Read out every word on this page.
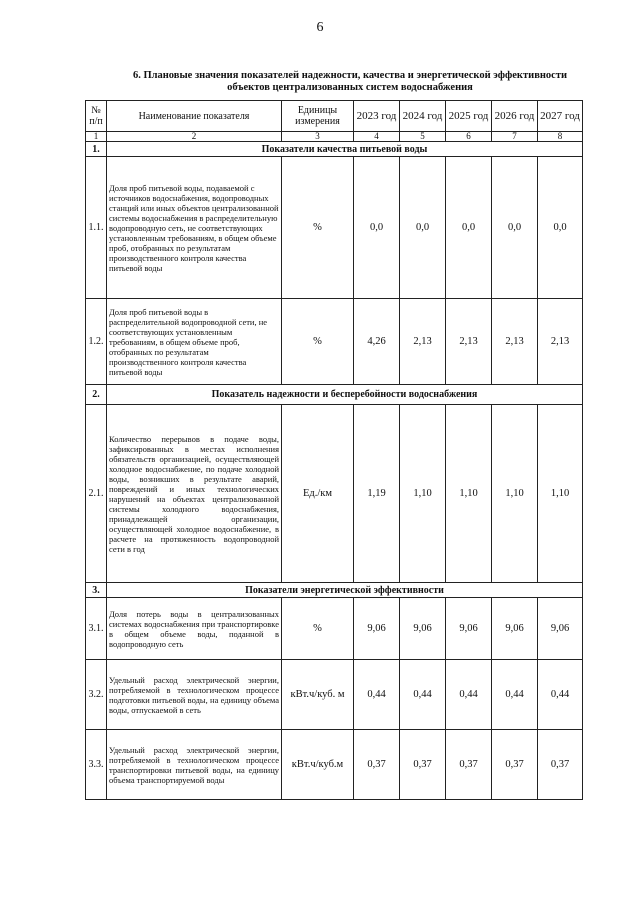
6
6. Плановые значения показателей надежности, качества и энергетической эффективности
объектов централизованных систем водоснабжения
№ п/п	Наименование показателя	Единицы измерения	2023 год	2024 год	2025 год	2026 год	2027 год
1	2	3	4	5	6	7	8
1.	Показатели качества питьевой воды						
1.1.	Доля проб питьевой воды, подаваемой с источников водоснабжения, водопроводных станций или иных объектов централизованной системы водоснабжения в распределительную водопроводную сеть, не соответствующих установленным требованиям, в общем объеме проб, отобранных по результатам производственного контроля качества питьевой воды	%	0,0	0,0	0,0	0,0	0,0
1.2.	Доля проб питьевой воды в распределительной водопроводной сети, не соответствующих установленным требованиям, в общем объеме проб, отобранных по результатам производственного контроля качества питьевой воды	%	4,26	2,13	2,13	2,13	2,13
2.	Показатель надежности и бесперебойности водоснабжения						
2.1.	Количество перерывов в подаче воды, зафиксированных в местах исполнения обязательств организацией, осуществляющей холодное водоснабжение, по подаче холодной воды, возникших в результате аварий, повреждений и иных технологических нарушений на объектах централизованной системы холодного водоснабжения, принадлежащей организации, осуществляющей холодное водоснабжение, в расчете на протяженность водопроводной сети в год	Ед./км	1,19	1,10	1,10	1,10	1,10
3.	Показатели энергетической эффективности						
3.1.	Доля потерь воды в централизованных системах водоснабжения при транспортировке в общем объеме воды, поданной в водопроводную сеть	%	9,06	9,06	9,06	9,06	9,06
3.2.	Удельный расход электрической энергии, потребляемой в технологическом процессе подготовки питьевой воды, на единицу объема воды, отпускаемой в сеть	кВт.ч/куб. м	0,44	0,44	0,44	0,44	0,44
3.3.	Удельный расход электрической энергии, потребляемой в технологическом процессе транспортировки питьевой воды, на единицу объема транспортируемой воды	кВт.ч/куб.м	0,37	0,37	0,37	0,37	0,37
